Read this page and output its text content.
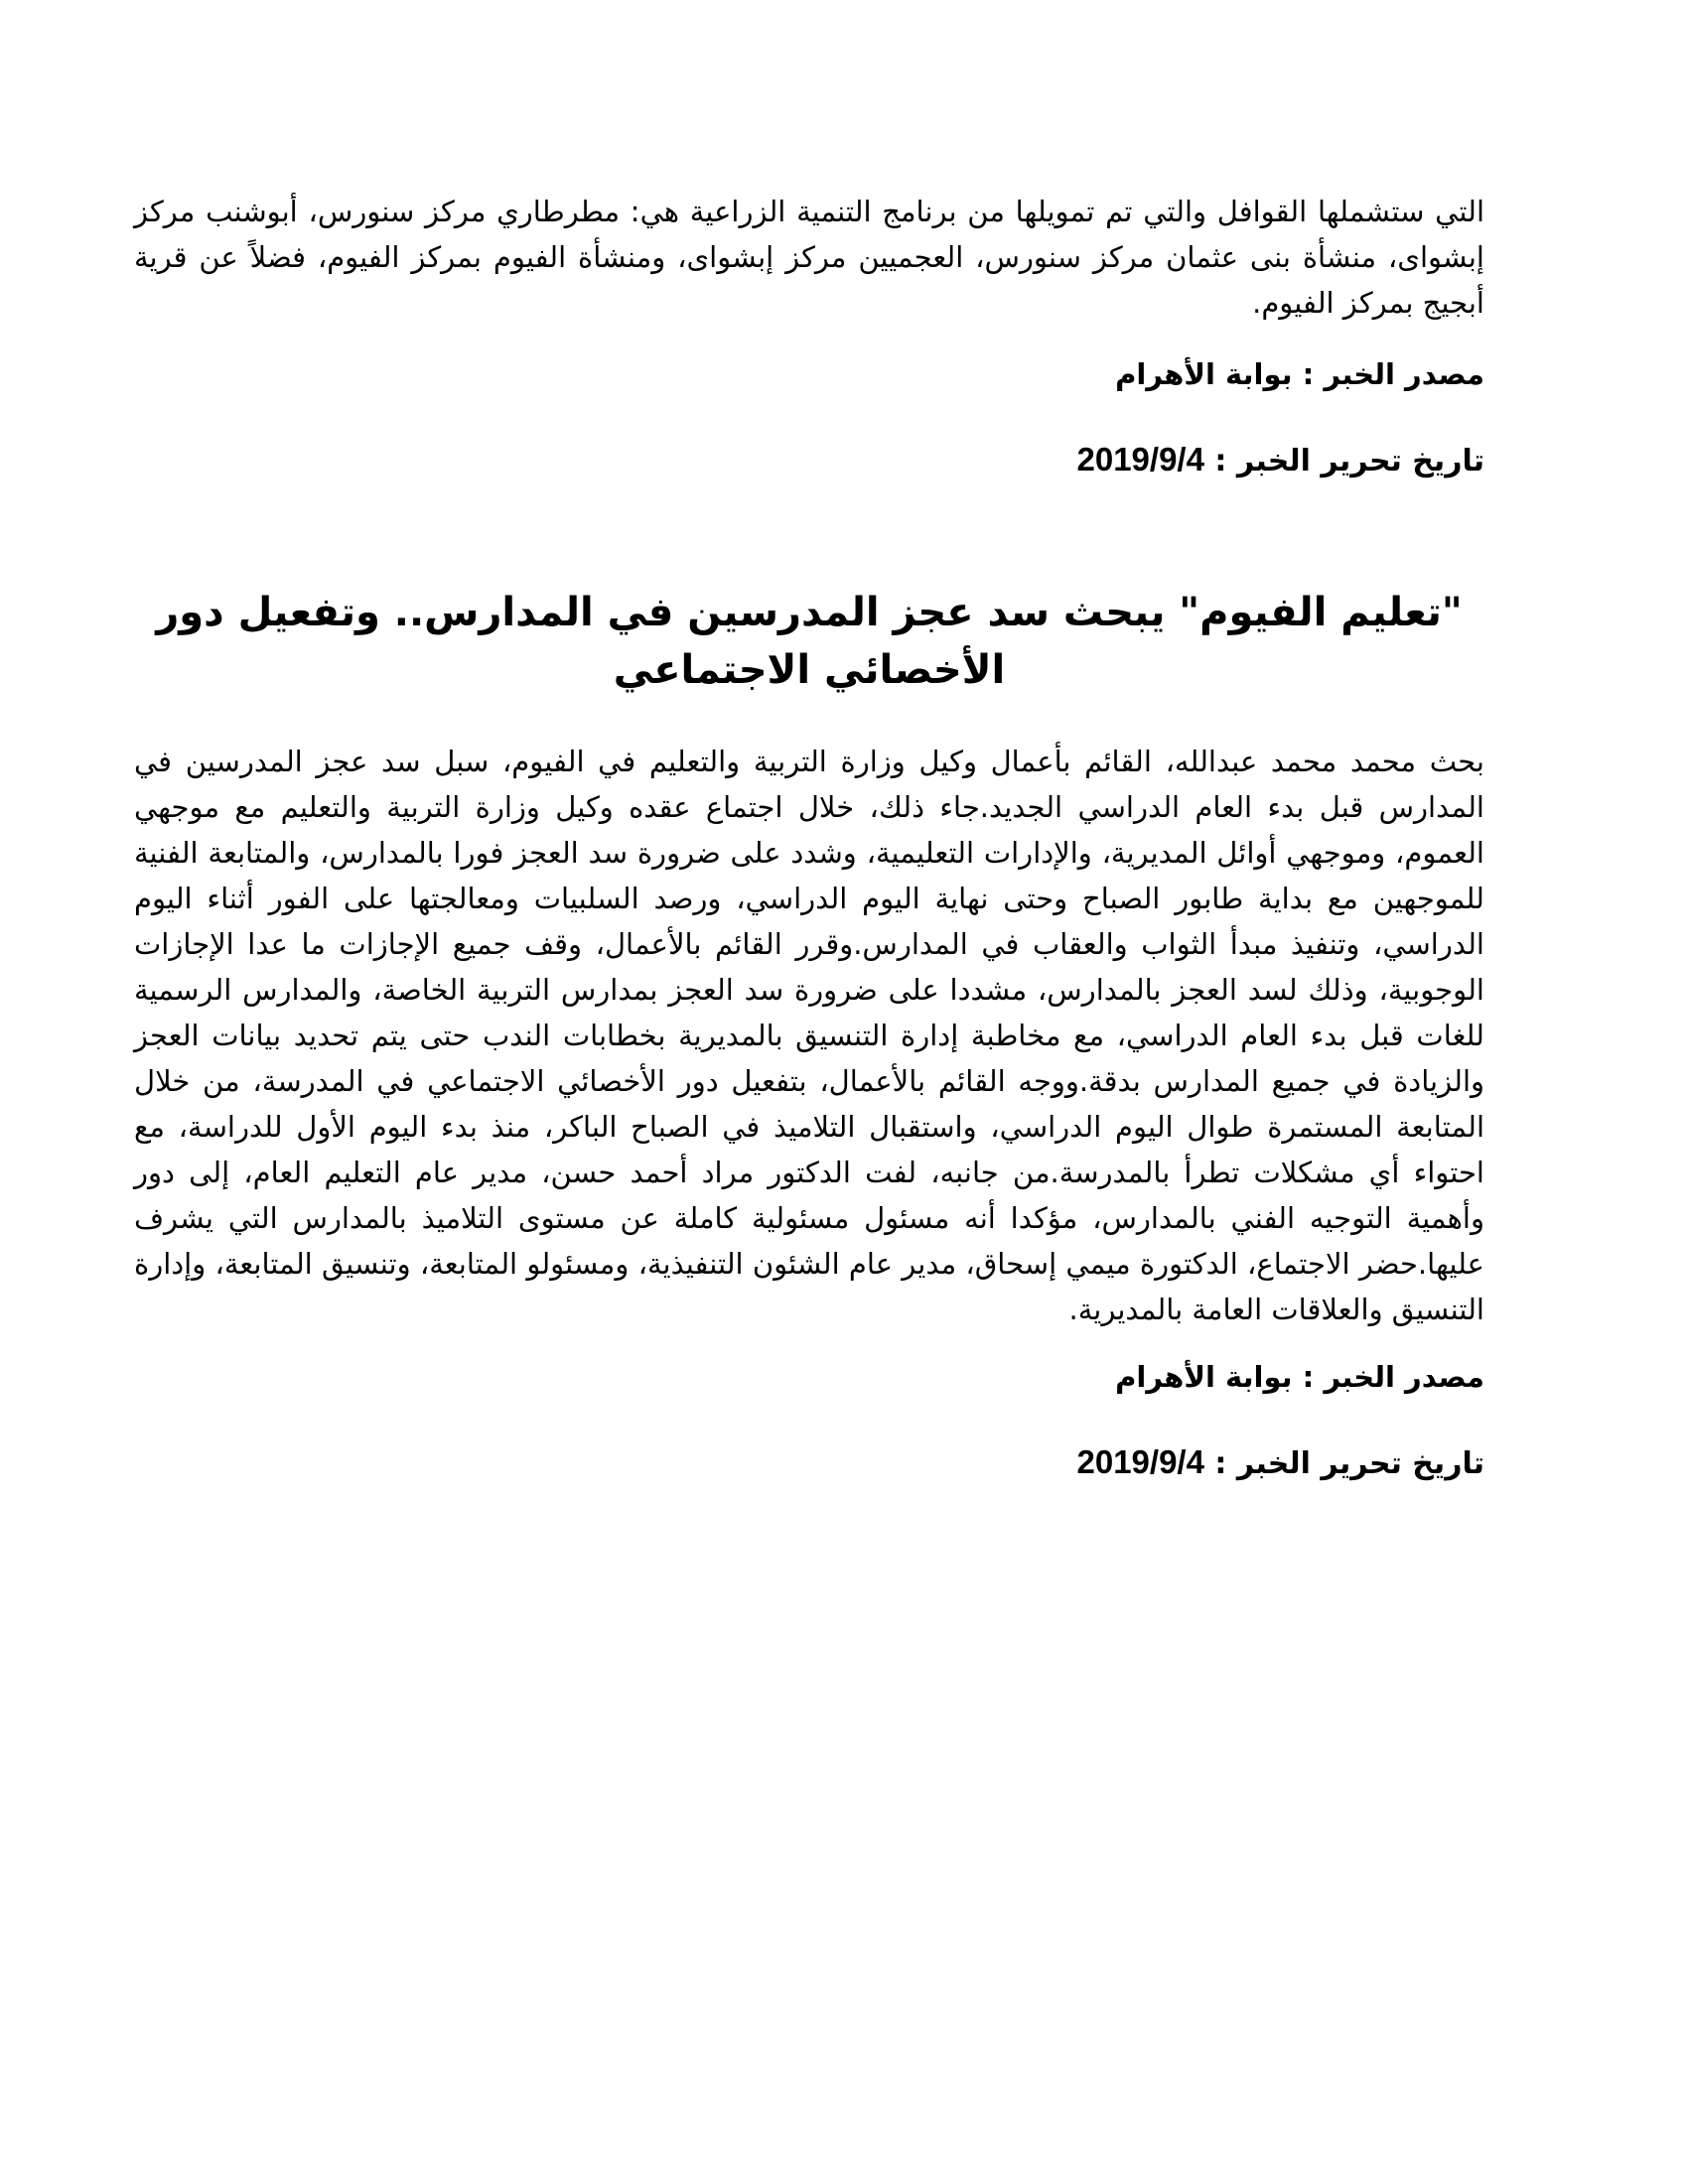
التي ستشملها القوافل والتي تم تمويلها من برنامج التنمية الزراعية هي: مطرطاري مركز سنورس، أبوشنب مركز إبشواى، منشأة بنى عثمان مركز سنورس، العجميين مركز إبشواى، ومنشأة الفيوم بمركز الفيوم، فضلاً عن قرية أبجيج بمركز الفيوم.

مصدر الخبر : بوابة الأهرام

تاريخ تحرير الخبر : 2019/9/4

"تعليم الفيوم" يبحث سد عجز المدرسين في المدارس.. وتفعيل دور الأخصائي الاجتماعي

بحث محمد محمد عبدالله، القائم بأعمال وكيل وزارة التربية والتعليم في الفيوم، سبل سد عجز المدرسين في المدارس قبل بدء العام الدراسي الجديد.جاء ذلك، خلال اجتماع عقده وكيل وزارة التربية والتعليم مع موجهي العموم، وموجهي أوائل المديرية، والإدارات التعليمية، وشدد على ضرورة سد العجز فورا بالمدارس، والمتابعة الفنية للموجهين مع بداية طابور الصباح وحتى نهاية اليوم الدراسي، ورصد السلبيات ومعالجتها على الفور أثناء اليوم الدراسي، وتنفيذ مبدأ الثواب والعقاب في المدارس.وقرر القائم بالأعمال، وقف جميع الإجازات ما عدا الإجازات الوجوبية، وذلك لسد العجز بالمدارس، مشددا على ضرورة سد العجز بمدارس التربية الخاصة، والمدارس الرسمية للغات قبل بدء العام الدراسي، مع مخاطبة إدارة التنسيق بالمديرية بخطابات الندب حتى يتم تحديد بيانات العجز والزيادة في جميع المدارس بدقة.ووجه القائم بالأعمال، بتفعيل دور الأخصائي الاجتماعي في المدرسة، من خلال المتابعة المستمرة طوال اليوم الدراسي، واستقبال التلاميذ في الصباح الباكر، منذ بدء اليوم الأول للدراسة، مع احتواء أي مشكلات تطرأ بالمدرسة.من جانبه، لفت الدكتور مراد أحمد حسن، مدير عام التعليم العام، إلى دور وأهمية التوجيه الفني بالمدارس، مؤكدا أنه مسئول مسئولية كاملة عن مستوى التلاميذ بالمدارس التي يشرف عليها.حضر الاجتماع، الدكتورة ميمي إسحاق، مدير عام الشئون التنفيذية، ومسئولو المتابعة، وتنسيق المتابعة، وإدارة التنسيق والعلاقات العامة بالمديرية.

مصدر الخبر : بوابة الأهرام

تاريخ تحرير الخبر : 2019/9/4
